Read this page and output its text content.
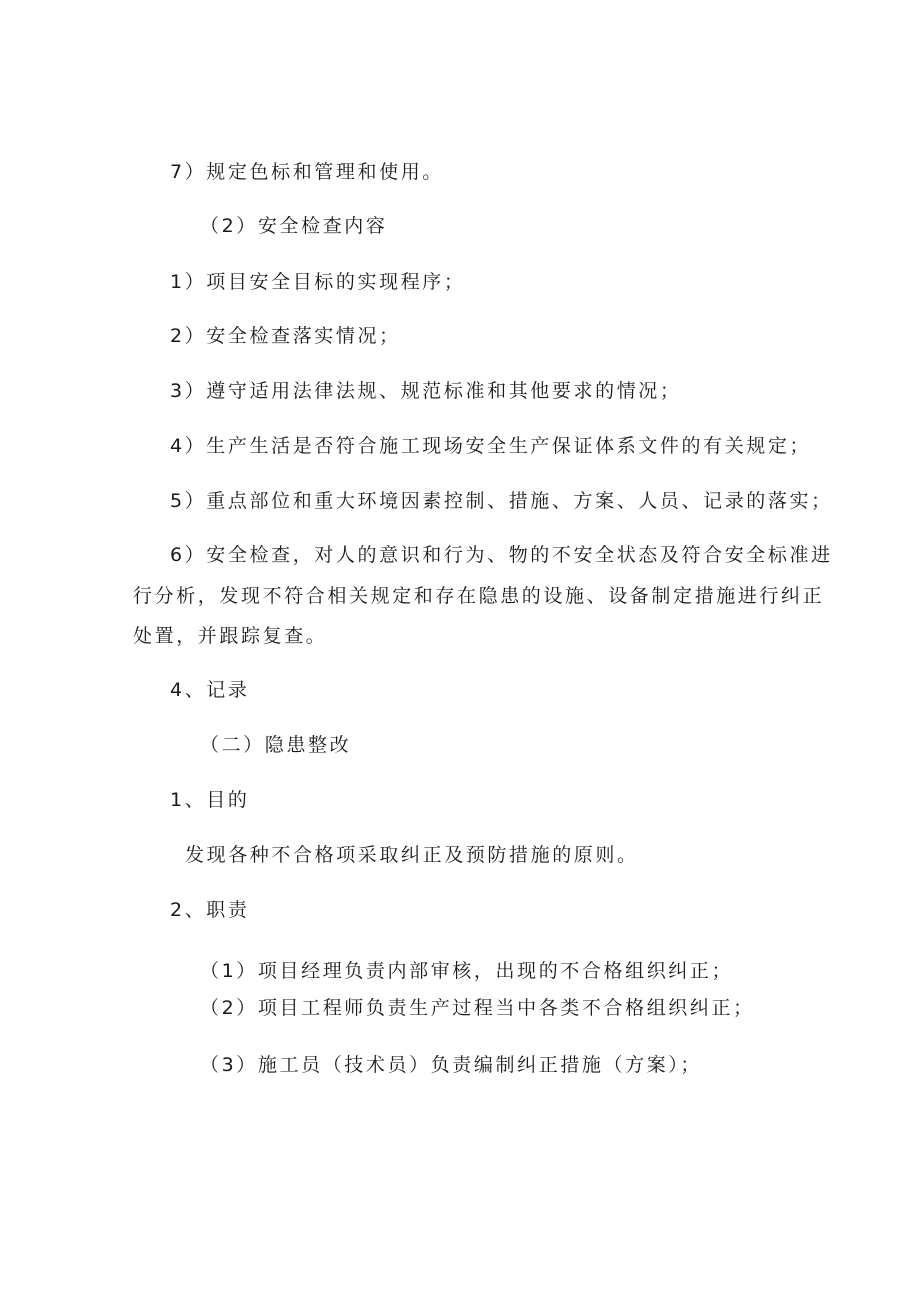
7）规定色标和管理和使用。
（2）安全检查内容
1）项目安全目标的实现程序；
2）安全检查落实情况；
3）遵守适用法律法规、规范标准和其他要求的情况；
4）生产生活是否符合施工现场安全生产保证体系文件的有关规定；
5）重点部位和重大环境因素控制、措施、方案、人员、记录的落实；
6）安全检查，对人的意识和行为、物的不安全状态及符合安全标准进
行分析，发现不符合相关规定和存在隐患的设施、设备制定措施进行纠正
处置，并跟踪复查。
4、记录
（二）隐患整改
1、目的
发现各种不合格项采取纠正及预防措施的原则。
2、职责
（1）项目经理负责内部审核，出现的不合格组织纠正；
（2）项目工程师负责生产过程当中各类不合格组织纠正；
（3）施工员（技术员）负责编制纠正措施（方案）；
